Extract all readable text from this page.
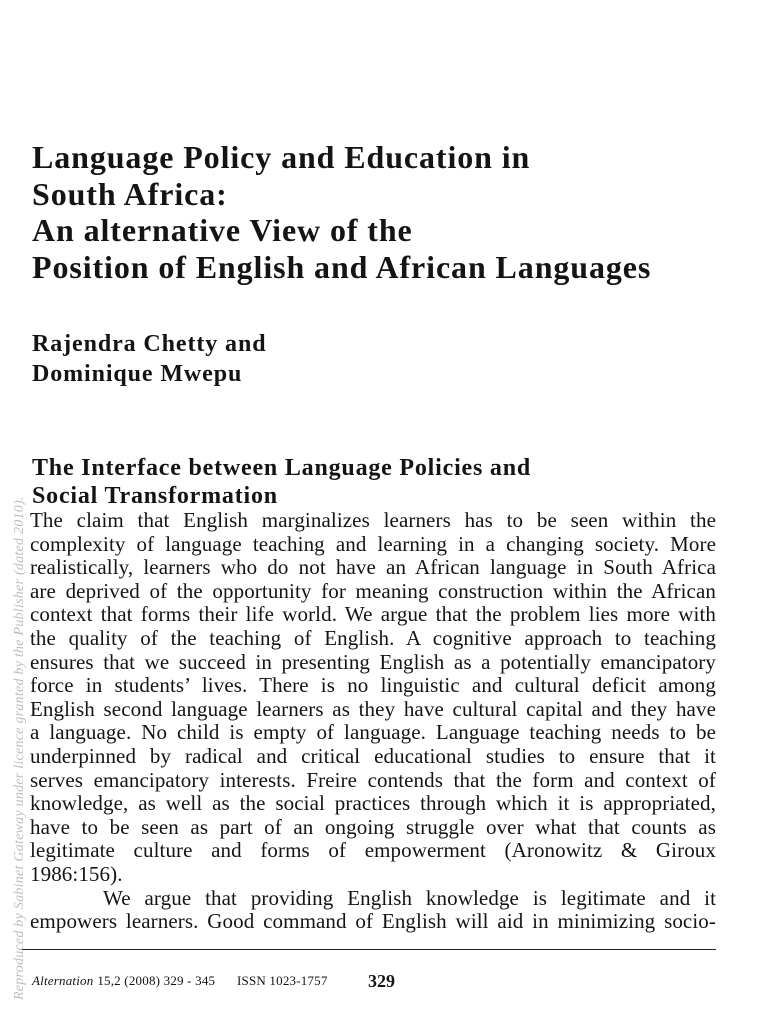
Language Policy and Education in
South Africa:
An alternative View of the
Position of English and African Languages
Rajendra Chetty and
Dominique Mwepu
The Interface between Language Policies and
Social Transformation
The claim that English marginalizes learners has to be seen within the
complexity of language teaching and learning in a changing society. More
realistically, learners who do not have an African language in South Africa
are deprived of the opportunity for meaning construction within the African
context that forms their life world. We argue that the problem lies more with
the quality of the teaching of English. A cognitive approach to teaching
ensures that we succeed in presenting English as a potentially emancipatory
force in students’ lives. There is no linguistic and cultural deficit among
English second language learners as they have cultural capital and they have
a language. No child is empty of language. Language teaching needs to be
underpinned by radical and critical educational studies to ensure that it
serves emancipatory interests. Freire contends that the form and context of
knowledge, as well as the social practices through which it is appropriated,
have to be seen as part of an ongoing struggle over what that counts as
legitimate culture and forms of empowerment (Aronowitz & Giroux
1986:156).
We argue that providing English knowledge is legitimate and it
empowers learners. Good command of English will aid in minimizing socio-
Alternation 15,2 (2008) 329 - 345 ISSN 1023-1757 329
Reproduced by Sabinet Gateway under licence granted by the Publisher (dated 2010).
